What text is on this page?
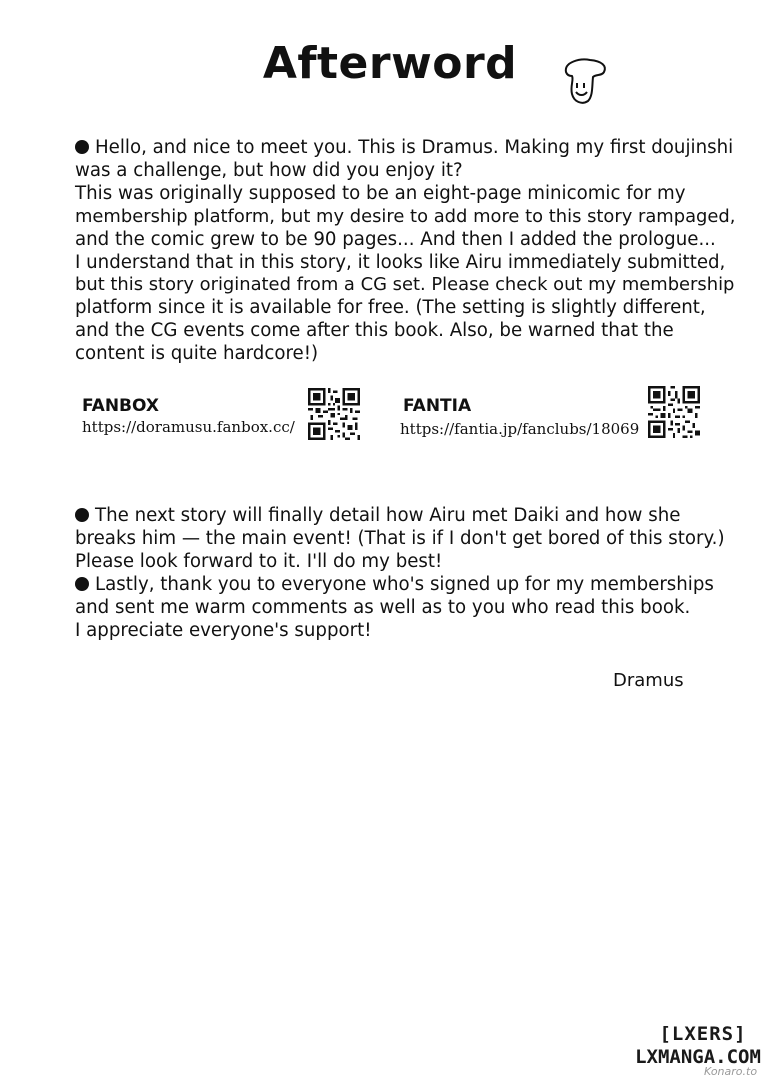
Afterword

Hello, and nice to meet you. This is Dramus. Making my first doujinshi

was a challenge, but how did you enjoy it?

This was originally supposed to be an eight-page minicomic for my

membership platform, but my desire to add more to this story rampaged,

and the comic grew to be 90 pages... And then I added the prologue...

I understand that in this story, it looks like Airu immediately submitted,

but this story originated from a CG set. Please check out my membership

platform since it is available for free. (The setting is slightly different,

and the CG events come after this book. Also, be warned that the

content is quite hardcore!)

FANBOX
https://doramusu.fanbox.cc/
FANTIA
https://fantia.jp/fanclubs/18069

The next story will finally detail how Airu met Daiki and how she

breaks him — the main event! (That is if I don't get bored of this story.)

Please look forward to it. I'll do my best!

Lastly, thank you to everyone who's signed up for my memberships

and sent me warm comments as well as to you who read this book.

I appreciate everyone's support!

Dramus
[LXERS]
LXMANGA.COM
Konaro.to
